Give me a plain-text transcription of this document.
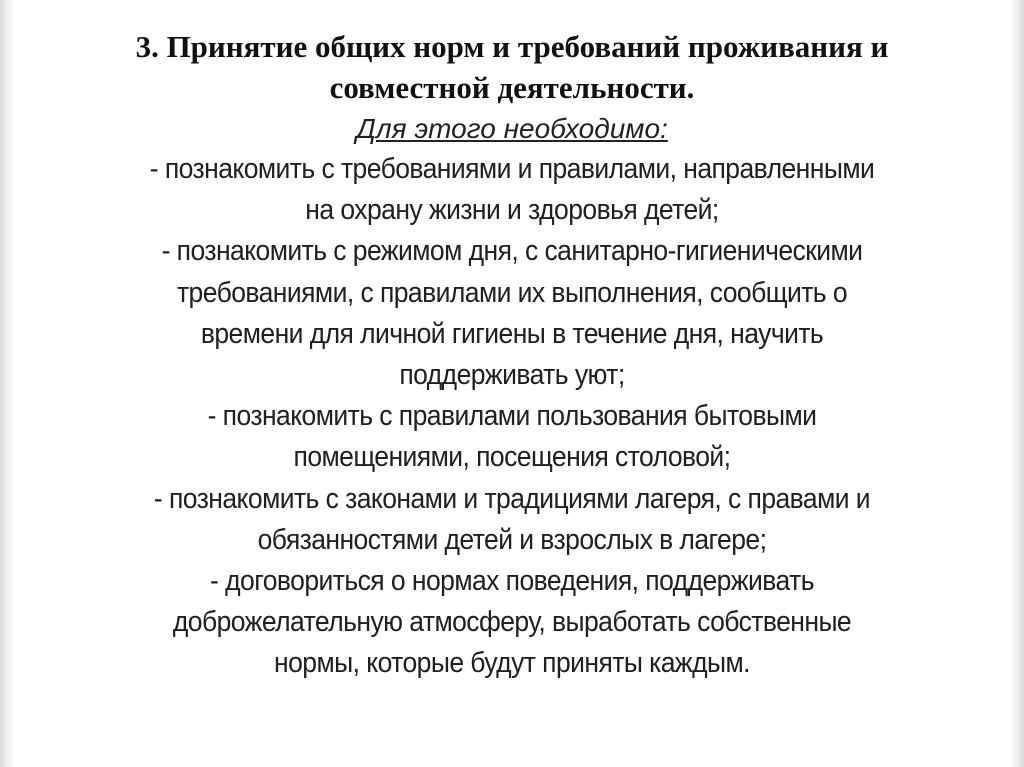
3. Принятие общих норм и требований проживания и

совместной деятельности.

Для этого необходимо:

- познакомить с требованиями и правилами, направленными

на охрану жизни и здоровья детей;

- познакомить с режимом дня, с санитарно-гигиеническими

требованиями, с правилами их выполнения, сообщить о

времени для личной гигиены в течение дня, научить

поддерживать уют;

- познакомить с правилами пользования бытовыми

помещениями, посещения столовой;

- познакомить с законами и традициями лагеря, с правами и

обязанностями детей и взрослых в лагере;

- договориться о нормах поведения, поддерживать

доброжелательную атмосферу, выработать собственные

нормы, которые будут приняты каждым.
